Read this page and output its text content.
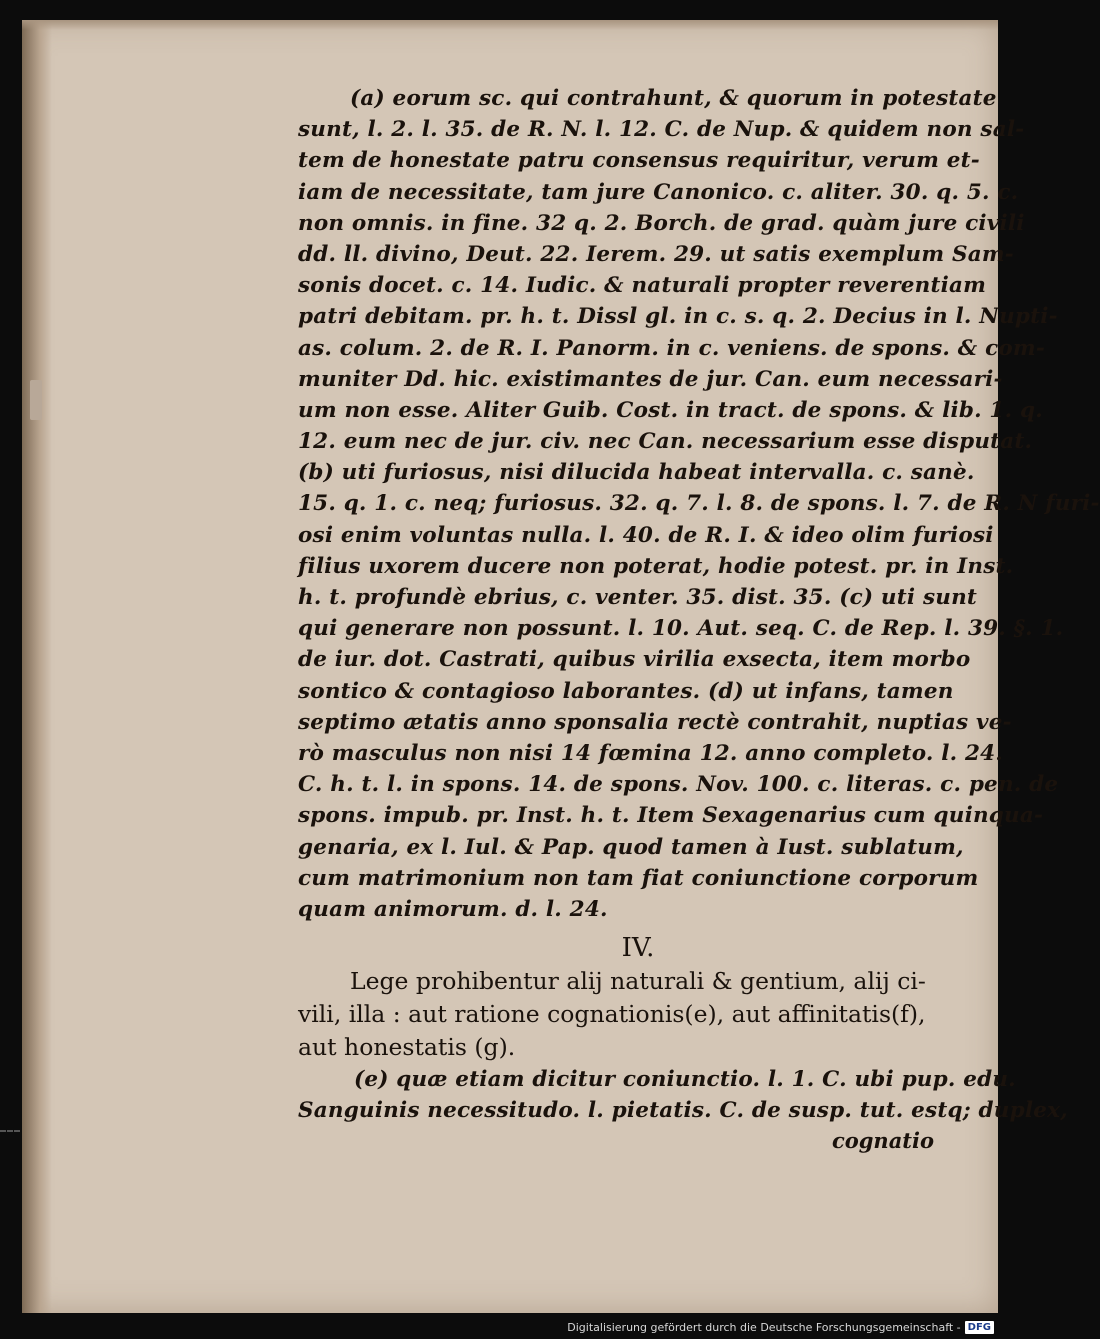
(a) eorum sc. qui contrahunt, & quorum in potestate
sunt, l. 2. l. 35. de R. N. l. 12. C. de Nup. & quidem non sal-
tem de honestate patru consensus requiritur, verum et-
iam de necessitate, tam jure Canonico. c. aliter. 30. q. 5. c.
non omnis. in fine. 32 q. 2. Borch. de grad. quàm jure civili
dd. ll. divino, Deut. 22. Ierem. 29. ut satis exemplum Sam-
sonis docet. c. 14. Iudic. & naturali propter reverentiam
patri debitam. pr. h. t. Dissl gl. in c. s. q. 2. Decius in l. Nupti-
as. colum. 2. de R. I. Panorm. in c. veniens. de spons. & com-
muniter Dd. hic. existimantes de jur. Can. eum necessari-
um non esse. Aliter Guib. Cost. in tract. de spons. & lib. 1. q.
12. eum nec de jur. civ. nec Can. necessarium esse disputat.
(b) uti furiosus, nisi dilucida habeat intervalla. c. sanè.
15. q. 1. c. neq; furiosus. 32. q. 7. l. 8. de spons. l. 7. de R. N furi-
osi enim voluntas nulla. l. 40. de R. I. & ideo olim furiosi
filius uxorem ducere non poterat, hodie potest. pr. in Inst.
h. t. profundè ebrius, c. venter. 35. dist. 35. (c) uti sunt
qui generare non possunt. l. 10. Aut. seq. C. de Rep. l. 39. §. 1.
de iur. dot. Castrati, quibus virilia exsecta, item morbo
sontico & contagioso laborantes. (d) ut infans, tamen
septimo ætatis anno sponsalia rectè contrahit, nuptias ve-
rò masculus non nisi 14 fœmina 12. anno completo. l. 24.
C. h. t. l. in spons. 14. de spons. Nov. 100. c. literas. c. pen. de
spons. impub. pr. Inst. h. t. Item Sexagenarius cum quinqua-
genaria, ex l. Iul. & Pap. quod tamen à Iust. sublatum,
cum matrimonium non tam fiat coniunctione corporum
quam animorum. d. l. 24.
IV.
Lege prohibentur alij naturali & gentium, alij ci-
vili, illa : aut ratione cognationis(e), aut affinitatis(f),
aut honestatis (g).
(e) quæ etiam dicitur coniunctio. l. 1. C. ubi pup. edu.
Sanguinis necessitudo. l. pietatis. C. de susp. tut. estq; duplex,
cognatio
Digitalisierung gefördert durch die Deutsche Forschungsgemeinschaft - DFG
